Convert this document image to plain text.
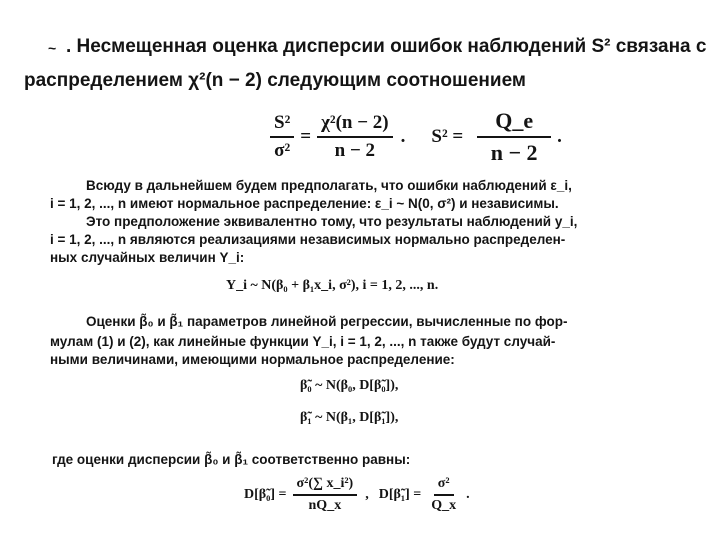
~ . Несмещенная оценка дисперсии ошибок наблюдений S² связана с

распределением χ²(n − 2) следующим соотношением

$\frac{\text{S²}}{\text{σ²}} = \frac{\text{χ²(n − 2)}}{n - 2}$ . $S^2 = \frac{Q\_e}{n - 2}$ .

Всюду в дальнейшем будем предполагать, что ошибки наблюдений ε_i,

i = 1, 2, ..., n имеют нормальное распределение: ε_i ~ N(0, σ²) и независимы.

Это предположение эквивалентно тому, что результаты наблюдений y_i,

i = 1, 2, ..., n являются реализациями независимых нормально распределен-

ных случайных величин Y_i:

Y_i ~ N(β₀ + β₁x_i, σ²), i = 1, 2, ..., n.

Оценки β̃₀ и β̃₁ параметров линейной регрессии, вычисленные по фор-

мулам (1) и (2), как линейные функции Y_i, i = 1, 2, ..., n также будут случай-

ными величинами, имеющими нормальное распределение:

β̃₀ ~ N(β₀, D[β̃₀]),

β̃₁ ~ N(β₁, D[β̃₁]),

где оценки дисперсии β̃₀ и β̃₁ соответственно равны:

D[β̃₀] = $\frac{\text{σ²(∑ x\_i²)}}{nQ\_x}$ , D[β̃₁] = $\frac{\text{σ²}}{Q\_x}$ .
